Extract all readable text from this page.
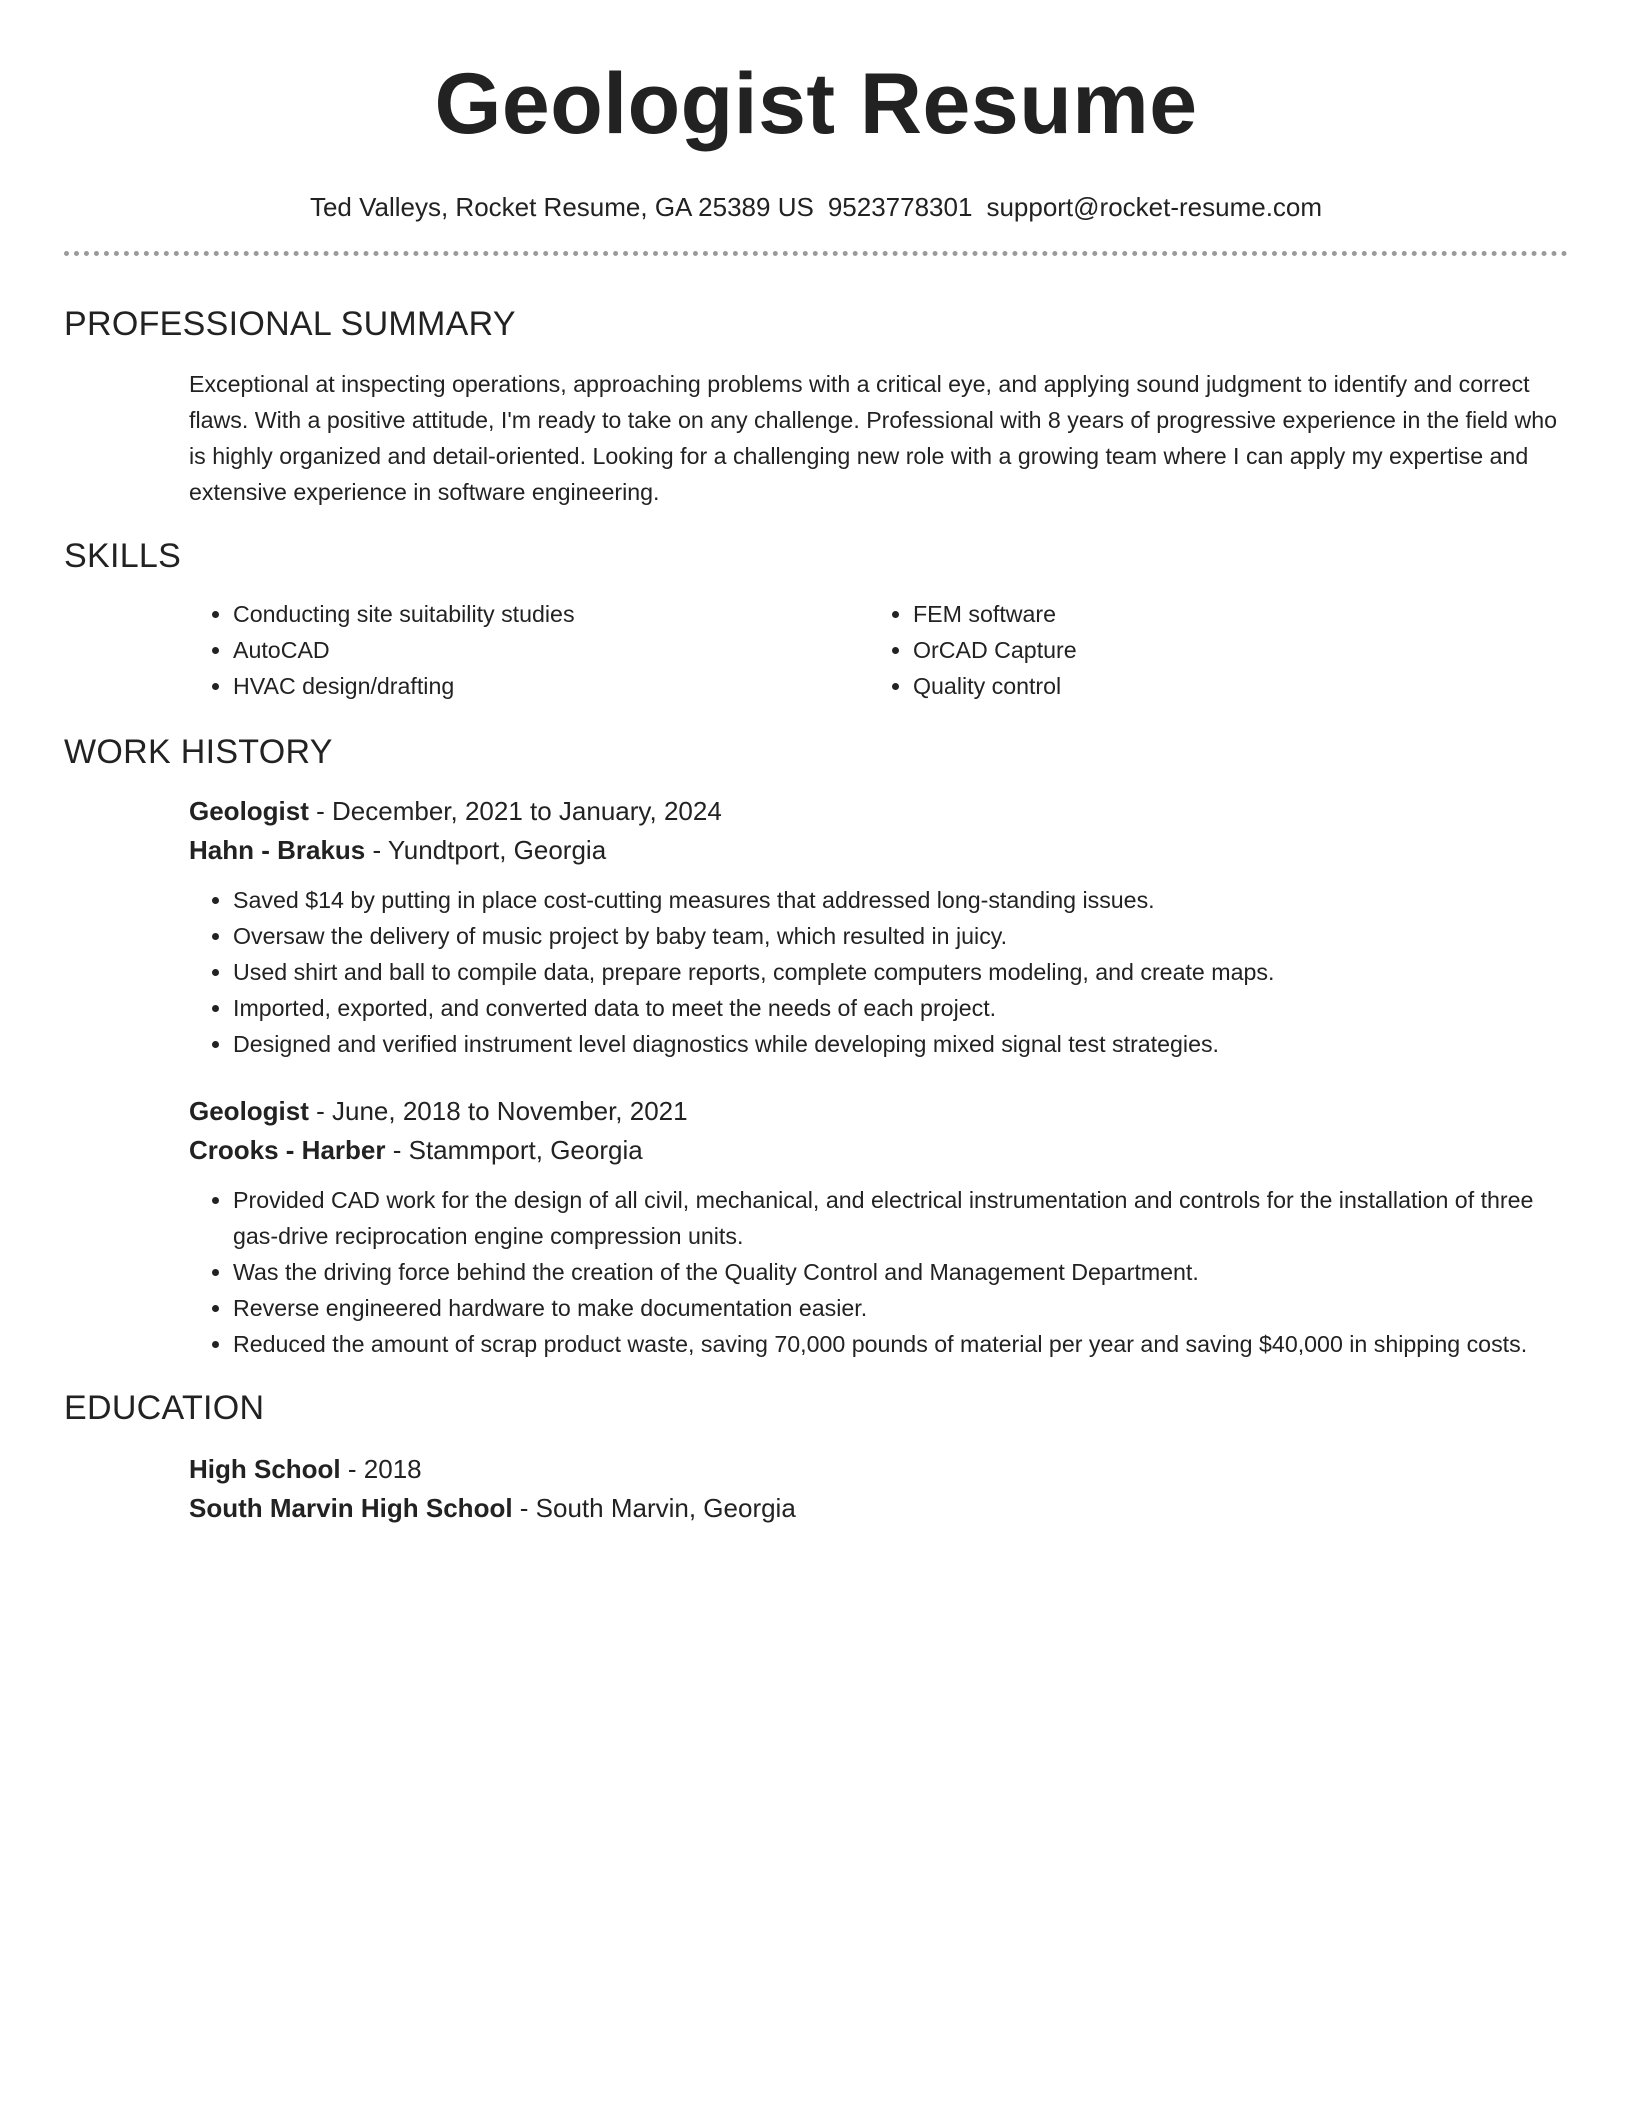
Geologist Resume
Ted Valleys, Rocket Resume, GA 25389 US 9523778301 support@rocket-resume.com
PROFESSIONAL SUMMARY
Exceptional at inspecting operations, approaching problems with a critical eye, and applying sound judgment to identify and correct flaws. With a positive attitude, I'm ready to take on any challenge. Professional with 8 years of progressive experience in the field who is highly organized and detail-oriented. Looking for a challenging new role with a growing team where I can apply my expertise and extensive experience in software engineering.
SKILLS
• Conducting site suitability studies
• AutoCAD
• HVAC design/drafting
• FEM software
• OrCAD Capture
• Quality control
WORK HISTORY
Geologist - December, 2021 to January, 2024
Hahn - Brakus - Yundtport, Georgia
• Saved $14 by putting in place cost-cutting measures that addressed long-standing issues.
• Oversaw the delivery of music project by baby team, which resulted in juicy.
• Used shirt and ball to compile data, prepare reports, complete computers modeling, and create maps.
• Imported, exported, and converted data to meet the needs of each project.
• Designed and verified instrument level diagnostics while developing mixed signal test strategies.
Geologist - June, 2018 to November, 2021
Crooks - Harber - Stammport, Georgia
• Provided CAD work for the design of all civil, mechanical, and electrical instrumentation and controls for the installation of three gas-drive reciprocation engine compression units.
• Was the driving force behind the creation of the Quality Control and Management Department.
• Reverse engineered hardware to make documentation easier.
• Reduced the amount of scrap product waste, saving 70,000 pounds of material per year and saving $40,000 in shipping costs.
EDUCATION
High School - 2018
South Marvin High School - South Marvin, Georgia
